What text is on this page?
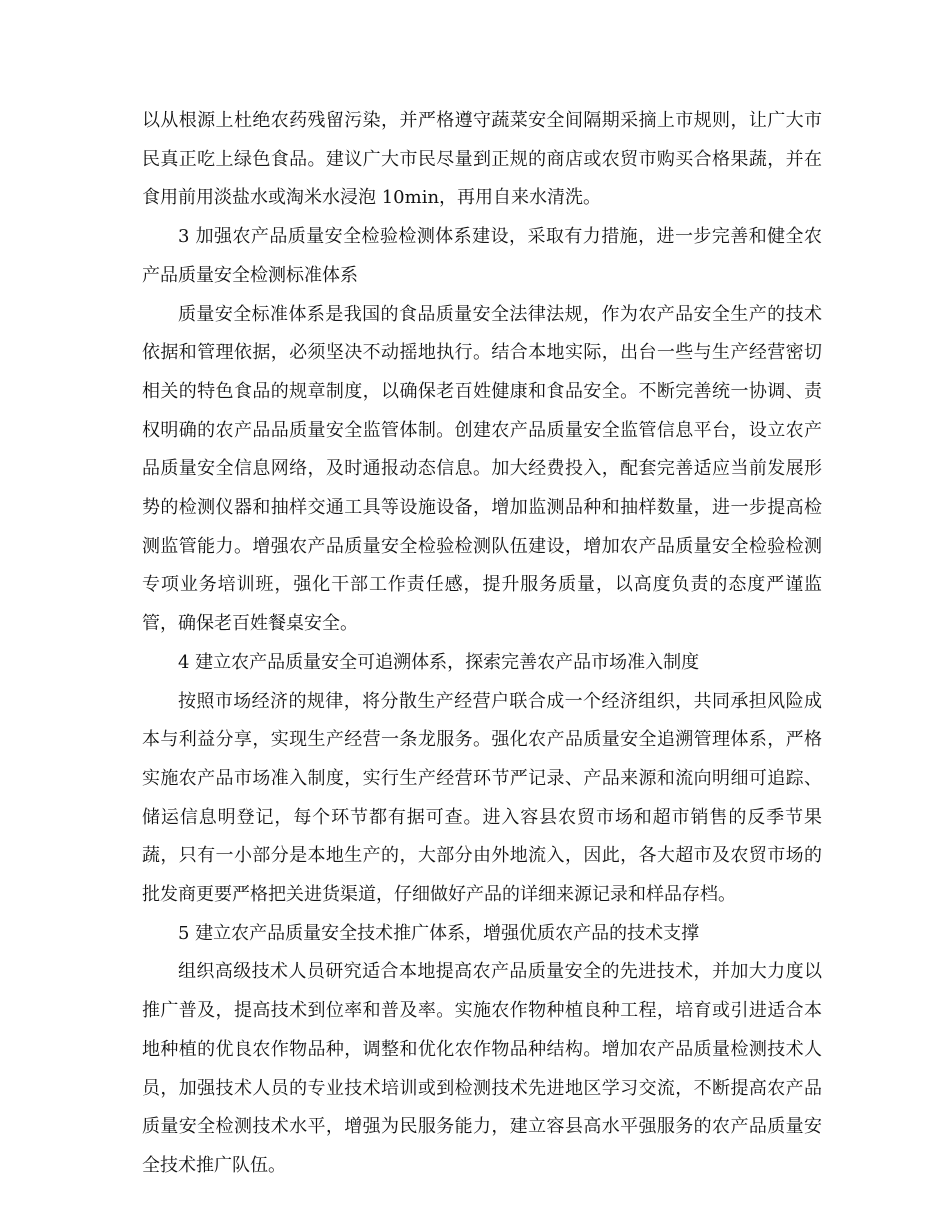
以从根源上杜绝农药残留污染，并严格遵守蔬菜安全间隔期采摘上市规则，让广大市民真正吃上绿色食品。建议广大市民尽量到正规的商店或农贸市购买合格果蔬，并在食用前用淡盐水或淘米水浸泡 10min，再用自来水清洗。

3 加强农产品质量安全检验检测体系建设，采取有力措施，进一步完善和健全农产品质量安全检测标准体系

质量安全标准体系是我国的食品质量安全法律法规，作为农产品安全生产的技术依据和管理依据，必须坚决不动摇地执行。结合本地实际，出台一些与生产经营密切相关的特色食品的规章制度，以确保老百姓健康和食品安全。不断完善统一协调、责权明确的农产品品质量安全监管体制。创建农产品质量安全监管信息平台，设立农产品质量安全信息网络，及时通报动态信息。加大经费投入，配套完善适应当前发展形势的检测仪器和抽样交通工具等设施设备，增加监测品种和抽样数量，进一步提高检测监管能力。增强农产品质量安全检验检测队伍建设，增加农产品质量安全检验检测专项业务培训班，强化干部工作责任感，提升服务质量，以高度负责的态度严谨监管，确保老百姓餐桌安全。

4 建立农产品质量安全可追溯体系，探索完善农产品市场准入制度

按照市场经济的规律，将分散生产经营户联合成一个经济组织，共同承担风险成本与利益分享，实现生产经营一条龙服务。强化农产品质量安全追溯管理体系，严格实施农产品市场准入制度，实行生产经营环节严记录、产品来源和流向明细可追踪、储运信息明登记，每个环节都有据可查。进入容县农贸市场和超市销售的反季节果蔬，只有一小部分是本地生产的，大部分由外地流入，因此，各大超市及农贸市场的批发商更要严格把关进货渠道，仔细做好产品的详细来源记录和样品存档。

5 建立农产品质量安全技术推广体系，增强优质农产品的技术支撑

组织高级技术人员研究适合本地提高农产品质量安全的先进技术，并加大力度以推广普及，提高技术到位率和普及率。实施农作物种植良种工程，培育或引进适合本地种植的优良农作物品种，调整和优化农作物品种结构。增加农产品质量检测技术人员，加强技术人员的专业技术培训或到检测技术先进地区学习交流，不断提高农产品质量安全检测技术水平，增强为民服务能力，建立容县高水平强服务的农产品质量安全技术推广队伍。
